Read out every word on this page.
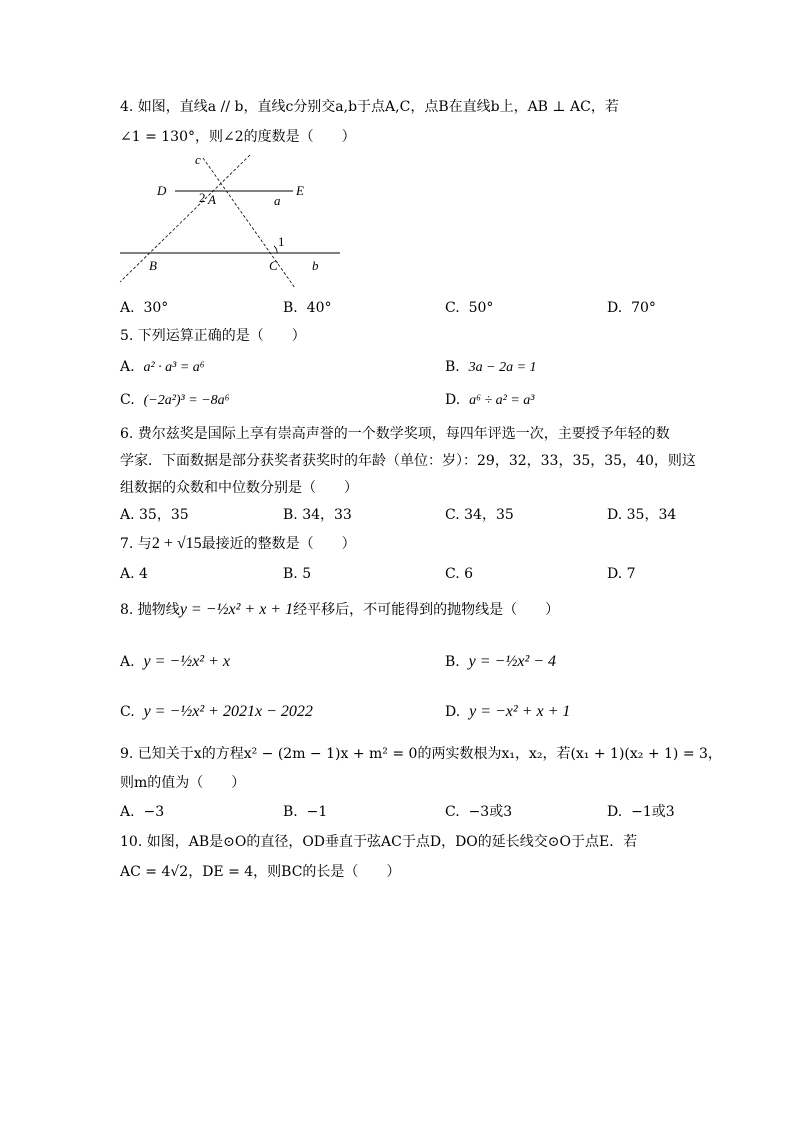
4. 如图，直线a // b，直线c分别交a,b于点A,C，点B在直线b上，AB ⊥ AC，若
∠1 = 130°，则∠2的度数是（　　）
c
D	2 A
E
a
1
B	C	b
A. 30°	B. 40°	C. 50°	D. 70°
5. 下列运算正确的是（　　）
A. a² · a³ = a⁶	B. 3a − 2a = 1
C. (−2a²)³ = −8a⁶	D. a⁶ ÷ a² = a³
6. 费尔兹奖是国际上享有崇高声誉的一个数学奖项，每四年评选一次，主要授予年轻的数
学家．下面数据是部分获奖者获奖时的年龄（单位：岁）：29，32，33，35，35，40，则这
组数据的众数和中位数分别是（　　）
A. 35，35	B. 34，33	C. 34，35	D. 35，34
7. 与2 + √15最接近的整数是（　　）
A. 4	B. 5	C. 6	D. 7
8. 抛物线y = −½x² + x + 1经平移后，不可能得到的抛物线是（　　）
A. y = −½x² + x	B. y = −½x² − 4
C. y = −½x² + 2021x − 2022	D. y = −x² + x + 1
9. 已知关于x的方程x² − (2m − 1)x + m² = 0的两实数根为x₁，x₂，若(x₁ + 1)(x₂ + 1) = 3，
则m的值为（　　）
A. −3	B. −1	C. −3或3	D. −1或3
10. 如图，AB是⊙O的直径，OD垂直于弦AC于点D，DO的延长线交⊙O于点E．若
AC = 4√2，DE = 4，则BC的长是（　　）
